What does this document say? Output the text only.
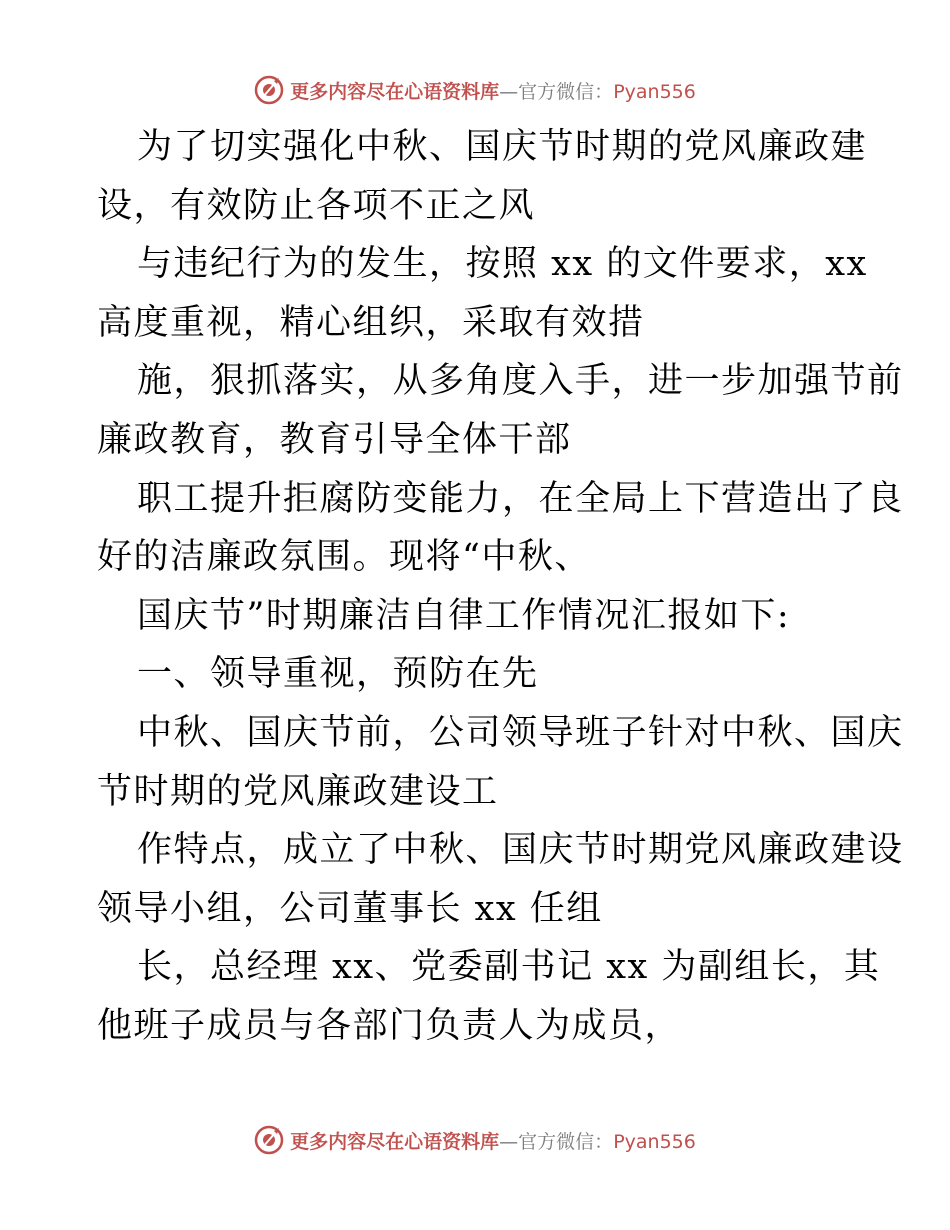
更多内容尽在心语资料库—官方微信：Pyan556
为了切实强化中秋、国庆节时期的党风廉政建
设，有效防止各项不正之风
与违纪行为的发生，按照 xx 的文件要求，xx
高度重视，精心组织，采取有效措
施，狠抓落实，从多角度入手，进一步加强节前
廉政教育，教育引导全体干部
职工提升拒腐防变能力，在全局上下营造出了良
好的洁廉政氛围。现将“中秋、
国庆节”时期廉洁自律工作情况汇报如下:
一、领导重视，预防在先
中秋、国庆节前，公司领导班子针对中秋、国庆
节时期的党风廉政建设工
作特点，成立了中秋、国庆节时期党风廉政建设
领导小组，公司董事长 xx 任组
长，总经理 xx、党委副书记 xx 为副组长，其
他班子成员与各部门负责人为成员，
更多内容尽在心语资料库—官方微信：Pyan556
